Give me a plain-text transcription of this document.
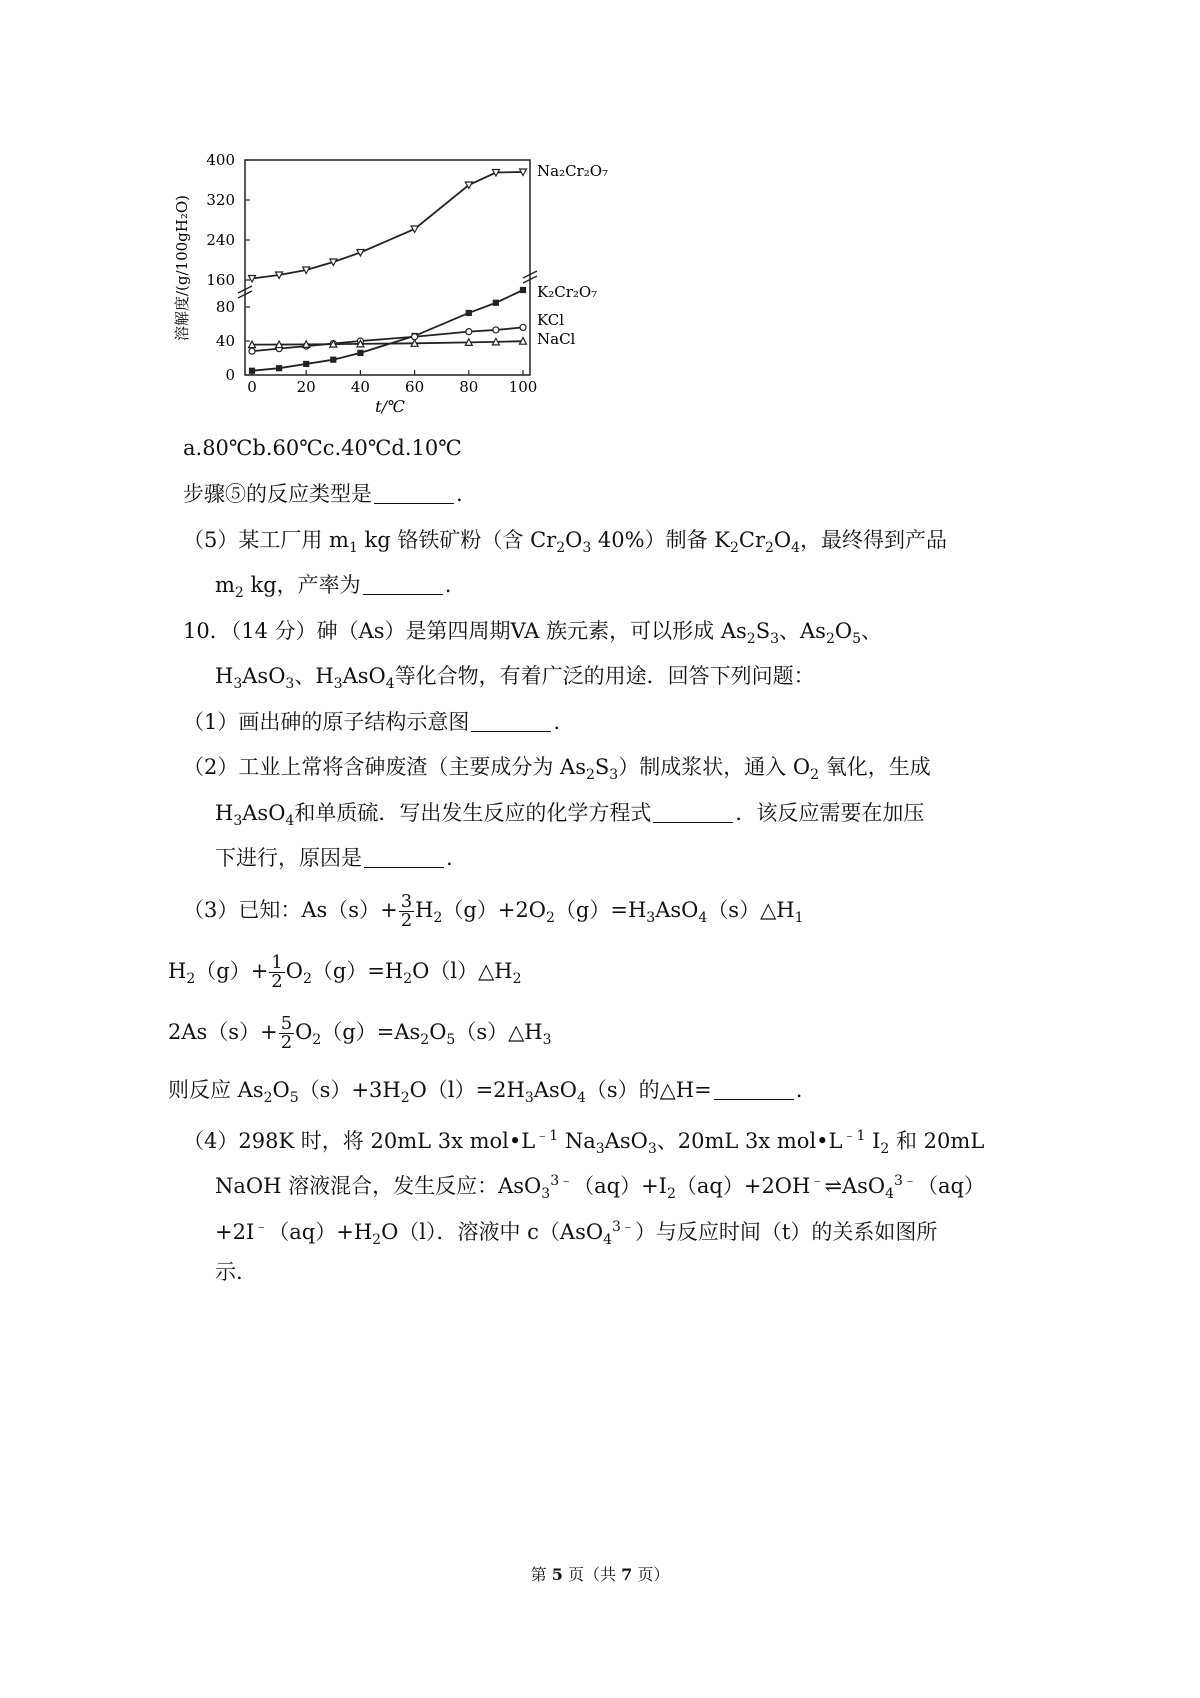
0
40
80
160
240
320
400
0	20 40 60 80 100
溶解度/(g/100gH₂O)
t/℃
Na₂Cr₂O₇
K₂Cr₂O₇
KCl
NaCl
a.80℃b.60℃c.40℃d.10℃
步骤⑤的反应类型是	.
（5）某工厂用 $m_1$ kg 铬铁矿粉（含 $Cr_2O_3$ 40%）制备 $K_2Cr_2O_4$，最终得到产品
$m_2$ kg，产率为	.
10．（14 分）砷（As）是第四周期VA 族元素，可以形成 $As_2S_3$、$As_2O_5$、
$H_3AsO_3$、$H_3AsO_4$等化合物，有着广泛的用途．回答下列问题：
（1）画出砷的原子结构示意图	.
（2）工业上常将含砷废渣（主要成分为 $As_2S_3$）制成浆状，通入 $O_2$ 氧化，生成
$H_3AsO_4$和单质硫．写出发生反应的化学方程式	．该反应需要在加压
下进行，原因是	.
（3）已知：$As(s)+ \frac{3}{2}$ $H_2(g)+2O_2(g)=H_3AsO_4(s)\triangle H_1$
$H_2(g)+ \frac{1}{2}$ $O_2(g)=H_2O(l)\triangle H_2$
$2As(s)+ \frac{5}{2}$ $O_2(g)=As_2O_5(s)\triangle H_3$
则反应 $As_2O_5(s)+3H_2O(l)=2H_3AsO_4(s)$的△H=	.
（4）298K 时，将 20mL 3x $mol•L^{﹣1}$ $Na_3AsO_3$、20mL 3x $mol•L^{﹣1}$ $I_2$ 和 20mL
NaOH 溶液混合，发生反应：$AsO_3^{3﹣}(aq)+I_2(aq)+2OH^﹣\rightleftharpoons AsO_4^{3﹣}(aq)$
$+2I^﹣(aq)+H_2O(l)$．溶液中 c（AsO$_4^{3﹣}$）与反应时间（t）的关系如图所
示.
第 5 页（共 7 页）
